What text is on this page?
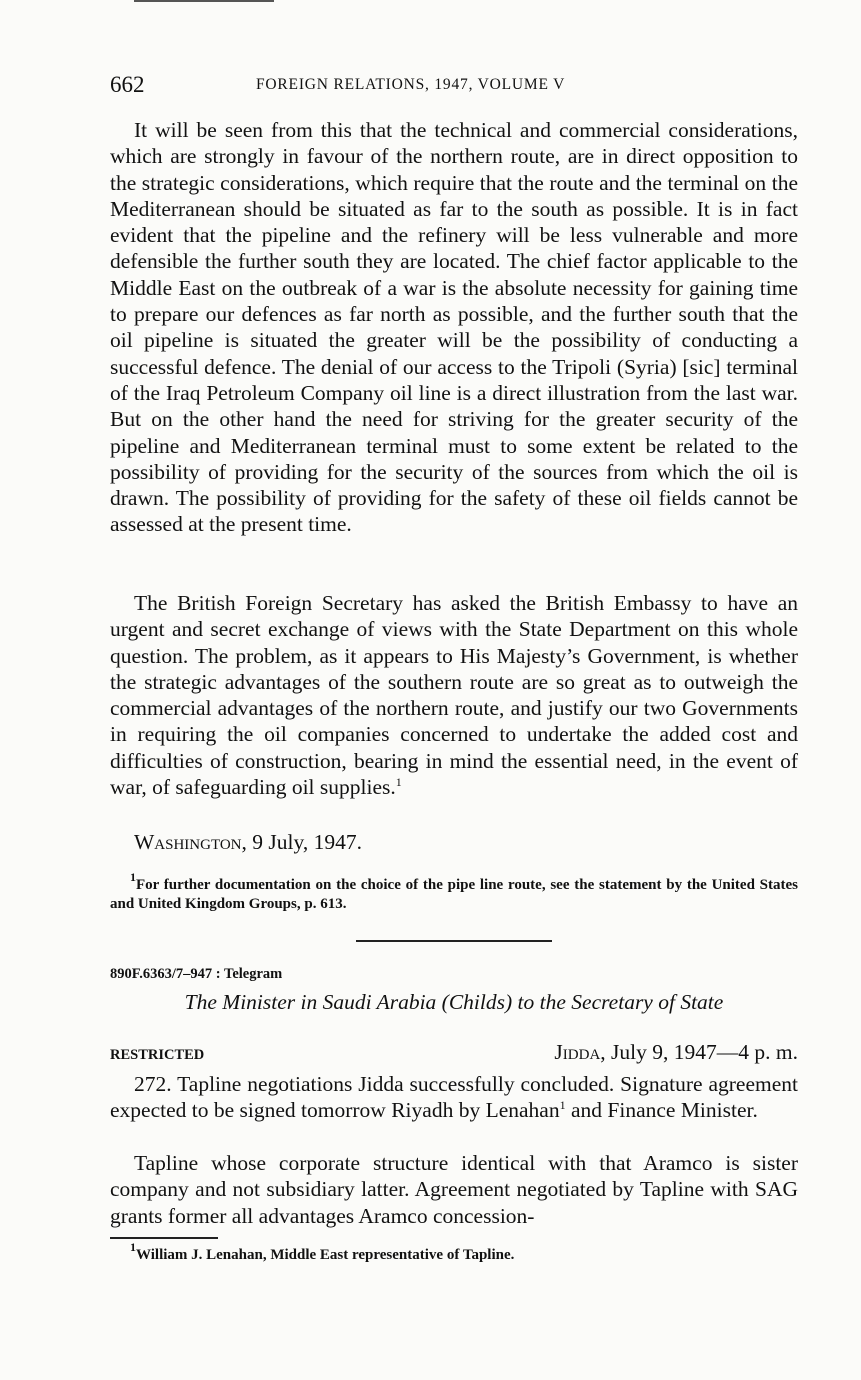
662	FOREIGN RELATIONS, 1947, VOLUME V

It will be seen from this that the technical and commercial considerations, which are strongly in favour of the northern route, are in direct opposition to the strategic considerations, which require that the route and the terminal on the Mediterranean should be situated as far to the south as possible. It is in fact evident that the pipeline and the refinery will be less vulnerable and more defensible the further south they are located. The chief factor applicable to the Middle East on the outbreak of a war is the absolute necessity for gaining time to prepare our defences as far north as possible, and the further south that the oil pipeline is situated the greater will be the possibility of conducting a successful defence. The denial of our access to the Tripoli (Syria) [sic] terminal of the Iraq Petroleum Company oil line is a direct illustration from the last war. But on the other hand the need for striving for the greater security of the pipeline and Mediterranean terminal must to some extent be related to the possibility of providing for the security of the sources from which the oil is drawn. The possibility of providing for the safety of these oil fields cannot be assessed at the present time.

The British Foreign Secretary has asked the British Embassy to have an urgent and secret exchange of views with the State Department on this whole question. The problem, as it appears to His Majesty’s Government, is whether the strategic advantages of the southern route are so great as to outweigh the commercial advantages of the northern route, and justify our two Governments in requiring the oil companies concerned to undertake the added cost and difficulties of construction, bearing in mind the essential need, in the event of war, of safeguarding oil supplies.$^1$

Washington, 9 July, 1947.

$^1$For further documentation on the choice of the pipe line route, see the statement by the United States and United Kingdom Groups, p. 613.

890F.6363/7–947 : Telegram
The Minister in Saudi Arabia (Childs) to the Secretary of State
RESTRICTED	Jidda, July 9, 1947—4 p. m.

272. Tapline negotiations Jidda successfully concluded. Signature agreement expected to be signed tomorrow Riyadh by Lenahan$^1$ and Finance Minister.

Tapline whose corporate structure identical with that Aramco is sister company and not subsidiary latter. Agreement negotiated by Tapline with SAG grants former all advantages Aramco concession-

$^1$William J. Lenahan, Middle East representative of Tapline.
